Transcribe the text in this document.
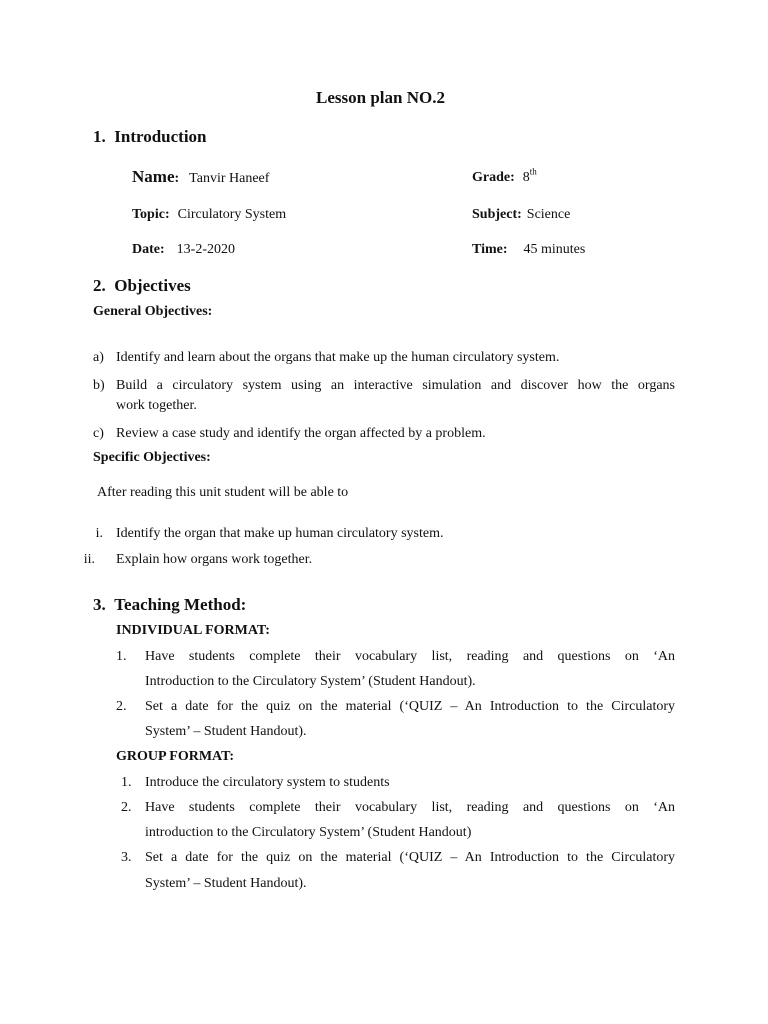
Lesson plan NO.2
1.  Introduction
Name: Tanvir Haneef	Grade: 8th
Topic: Circulatory System	Subject: Science
Date: 13-2-2020	Time: 45 minutes
2.  Objectives
General Objectives:
a) Identify and learn about the organs that make up the human circulatory system.
b) Build a circulatory system using an interactive simulation and discover how the organs
work together.
c) Review a case study and identify the organ affected by a problem.
Specific Objectives:
After reading this unit student will be able to
i. Identify the organ that make up human circulatory system.
ii. Explain how organs work together.
3.  Teaching Method:
INDIVIDUAL FORMAT:
1. Have students complete their vocabulary list, reading and questions on ‘An
Introduction to the Circulatory System’ (Student Handout).
2. Set a date for the quiz on the material (‘QUIZ – An Introduction to the Circulatory
System’ – Student Handout).
GROUP FORMAT:
1. Introduce the circulatory system to students
2. Have students complete their vocabulary list, reading and questions on ‘An
introduction to the Circulatory System’ (Student Handout)
3. Set a date for the quiz on the material (‘QUIZ – An Introduction to the Circulatory
System’ – Student Handout).
